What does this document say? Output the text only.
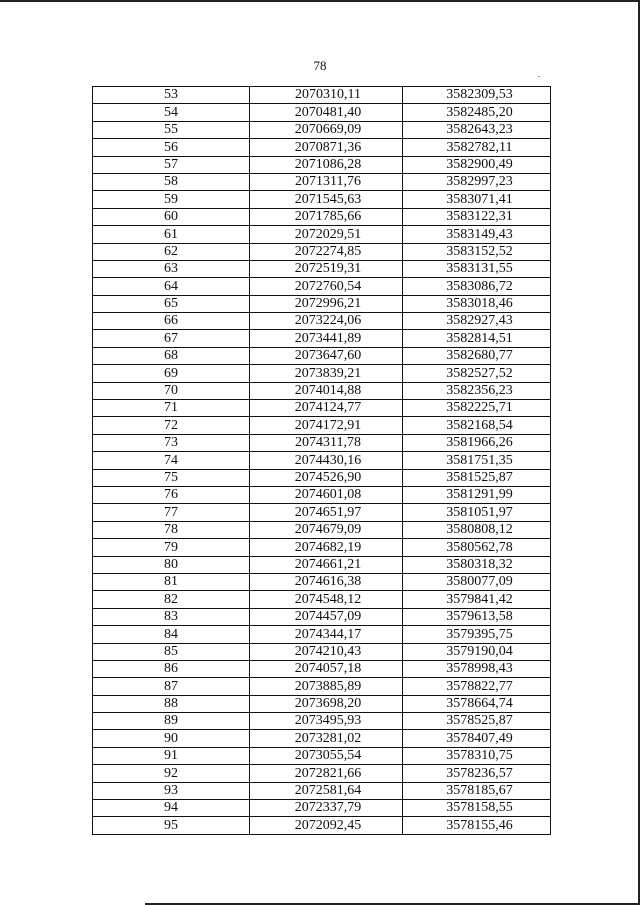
78
53	2070310,11	3582309,53
54	2070481,40	3582485,20
55	2070669,09	3582643,23
56	2070871,36	3582782,11
57	2071086,28	3582900,49
58	2071311,76	3582997,23
59	2071545,63	3583071,41
60	2071785,66	3583122,31
61	2072029,51	3583149,43
62	2072274,85	3583152,52
63	2072519,31	3583131,55
64	2072760,54	3583086,72
65	2072996,21	3583018,46
66	2073224,06	3582927,43
67	2073441,89	3582814,51
68	2073647,60	3582680,77
69	2073839,21	3582527,52
70	2074014,88	3582356,23
71	2074124,77	3582225,71
72	2074172,91	3582168,54
73	2074311,78	3581966,26
74	2074430,16	3581751,35
75	2074526,90	3581525,87
76	2074601,08	3581291,99
77	2074651,97	3581051,97
78	2074679,09	3580808,12
79	2074682,19	3580562,78
80	2074661,21	3580318,32
81	2074616,38	3580077,09
82	2074548,12	3579841,42
83	2074457,09	3579613,58
84	2074344,17	3579395,75
85	2074210,43	3579190,04
86	2074057,18	3578998,43
87	2073885,89	3578822,77
88	2073698,20	3578664,74
89	2073495,93	3578525,87
90	2073281,02	3578407,49
91	2073055,54	3578310,75
92	2072821,66	3578236,57
93	2072581,64	3578185,67
94	2072337,79	3578158,55
95	2072092,45	3578155,46
